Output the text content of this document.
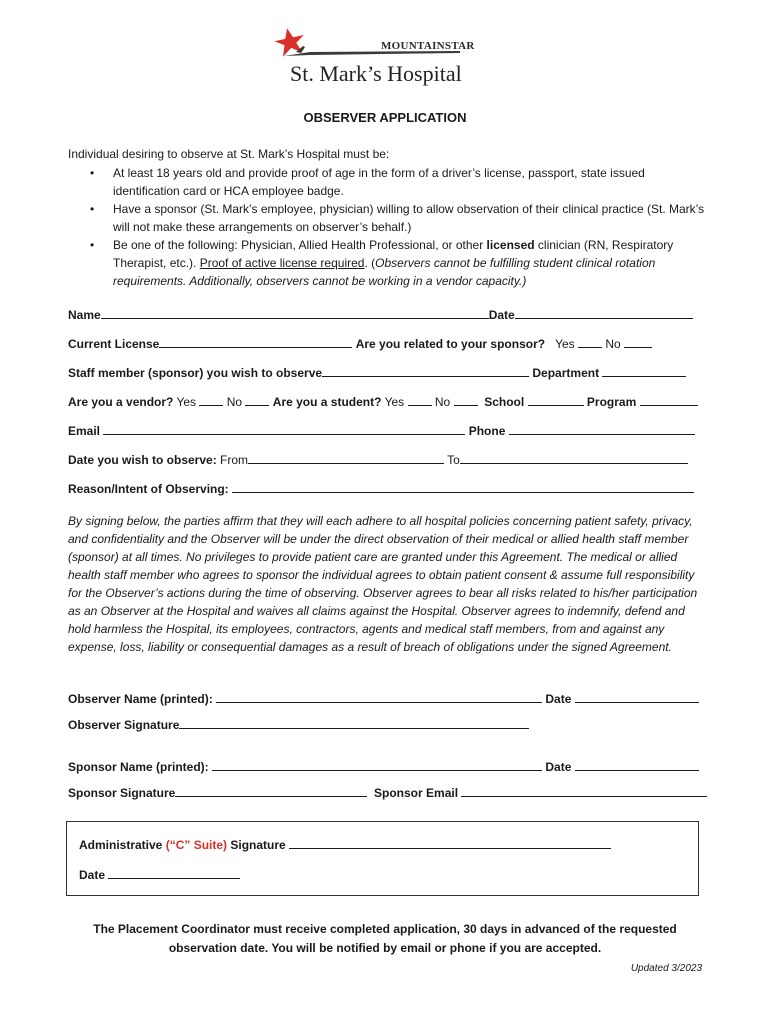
MOUNTAINSTAR
St. Mark’s Hospital
OBSERVER APPLICATION
Individual desiring to observe at St. Mark’s Hospital must be:
• At least 18 years old and provide proof of age in the form of a driver’s license, passport, state issued identification card or HCA employee badge.
• Have a sponsor (St. Mark’s employee, physician) willing to allow observation of their clinical practice (St. Mark’s will not make these arrangements on observer’s behalf.)
• Be one of the following: Physician, Allied Health Professional, or other licensed clinician (RN, Respiratory Therapist, etc.). Proof of active license required. (Observers cannot be fulfilling student clinical rotation requirements. Additionally, observers cannot be working in a vendor capacity.)
Name	Date
Current License	Are you related to your sponsor? Yes	No
Staff member (sponsor) you wish to observe	Department
Are you a vendor? Yes	No	Are you a student? Yes	No	School	Program
Email	Phone
Date you wish to observe: From	To
Reason/Intent of Observing:
By signing below, the parties affirm that they will each adhere to all hospital policies concerning patient safety, privacy, and confidentiality and the Observer will be under the direct observation of their medical or allied health staff member (sponsor) at all times. No privileges to provide patient care are granted under this Agreement. The medical or allied health staff member who agrees to sponsor the individual agrees to obtain patient consent & assume full responsibility for the Observer’s actions during the time of observing. Observer agrees to bear all risks related to his/her participation as an Observer at the Hospital and waives all claims against the Hospital. Observer agrees to indemnify, defend and hold harmless the Hospital, its employees, contractors, agents and medical staff members, from and against any expense, loss, liability or consequential damages as a result of breach of obligations under the signed Agreement.
Observer Name (printed):	Date
Observer Signature
Sponsor Name (printed):	Date
Sponsor Signature	Sponsor Email
Administrative (“C” Suite) Signature
Date
The Placement Coordinator must receive completed application, 30 days in advanced of the requested
observation date. You will be notified by email or phone if you are accepted.
Updated 3/2023
